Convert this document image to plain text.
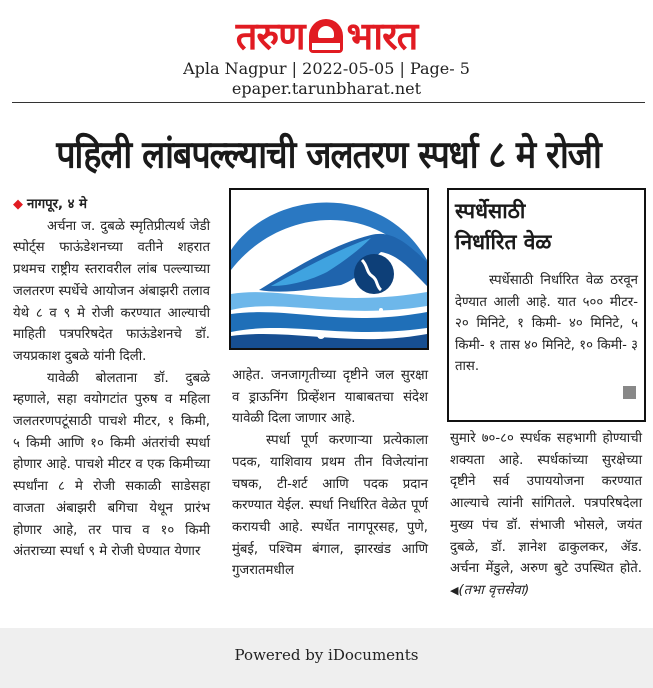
तरुण भारत
Apla Nagpur | 2022-05-05 | Page- 5
epaper.tarunbharat.net
पहिली लांबपल्ल्याची जलतरण स्पर्धा ८ मे रोजी

◆ नागपूर, ४ मे

अर्चना ज. दुबळे स्मृतिप्रीत्यर्थ जेडी स्पोर्ट्स फाऊंडेशनच्या वतीने शहरात प्रथमच राष्ट्रीय स्तरावरील लांब पल्ल्याच्या जलतरण स्पर्धेचे आयोजन अंबाझरी तलाव येथे ८ व ९ मे रोजी करण्यात आल्याची माहिती पत्रपरिषदेत फाऊंडेशनचे डॉ. जयप्रकाश दुबळे यांनी दिली.

यावेळी बोलताना डॉ. दुबळे म्हणाले, सहा वयोगटांत पुरुष व महिला जलतरणपटूंसाठी पाचशे मीटर, १ किमी, ५ किमी आणि १० किमी अंतरांची स्पर्धा होणार आहे. पाचशे मीटर व एक किमीच्या स्पर्धांना ८ मे रोजी सकाळी साडेसहा वाजता अंबाझरी बगिचा येथून प्रारंभ होणार आहे, तर पाच व १० किमी अंतराच्या स्पर्धा ९ मे रोजी घेण्यात येणार

आहेत. जनजागृतीच्या दृष्टीने जल सुरक्षा व ड्राऊनिंग प्रिव्हेंशन याबाबतचा संदेश यावेळी दिला जाणार आहे.

स्पर्धा पूर्ण करणाऱ्या प्रत्येकाला पदक, याशिवाय प्रथम तीन विजेत्यांना चषक, टी-शर्ट आणि पदक प्रदान करण्यात येईल. स्पर्धा निर्धारित वेळेत पूर्ण करायची आहे. स्पर्धेत नागपूरसह, पुणे, मुंबई, पश्चिम बंगाल, झारखंड आणि गुजरातमधील

स्पर्धेसाठी
निर्धारित वेळ

स्पर्धेसाठी निर्धारित वेळ ठरवून देण्यात आली आहे. यात ५०० मीटर- २० मिनिटे, १ किमी- ४० मिनिटे, ५ किमी- १ तास ४० मिनिटे, १० किमी- ३ तास.

सुमारे ७०-८० स्पर्धक सहभागी होण्याची शक्यता आहे. स्पर्धकांच्या सुरक्षेच्या दृष्टीने सर्व उपाययोजना करण्यात आल्याचे त्यांनी सांगितले. पत्रपरिषदेला मुख्य पंच डॉ. संभाजी भोसले, जयंत दुबळे, डॉ. ज्ञानेश ढाकुलकर, ॲड. अर्चना मेंडुले, अरुण बुटे उपस्थित होते. ◀(तभा वृत्तसेवा)

Powered by iDocuments
